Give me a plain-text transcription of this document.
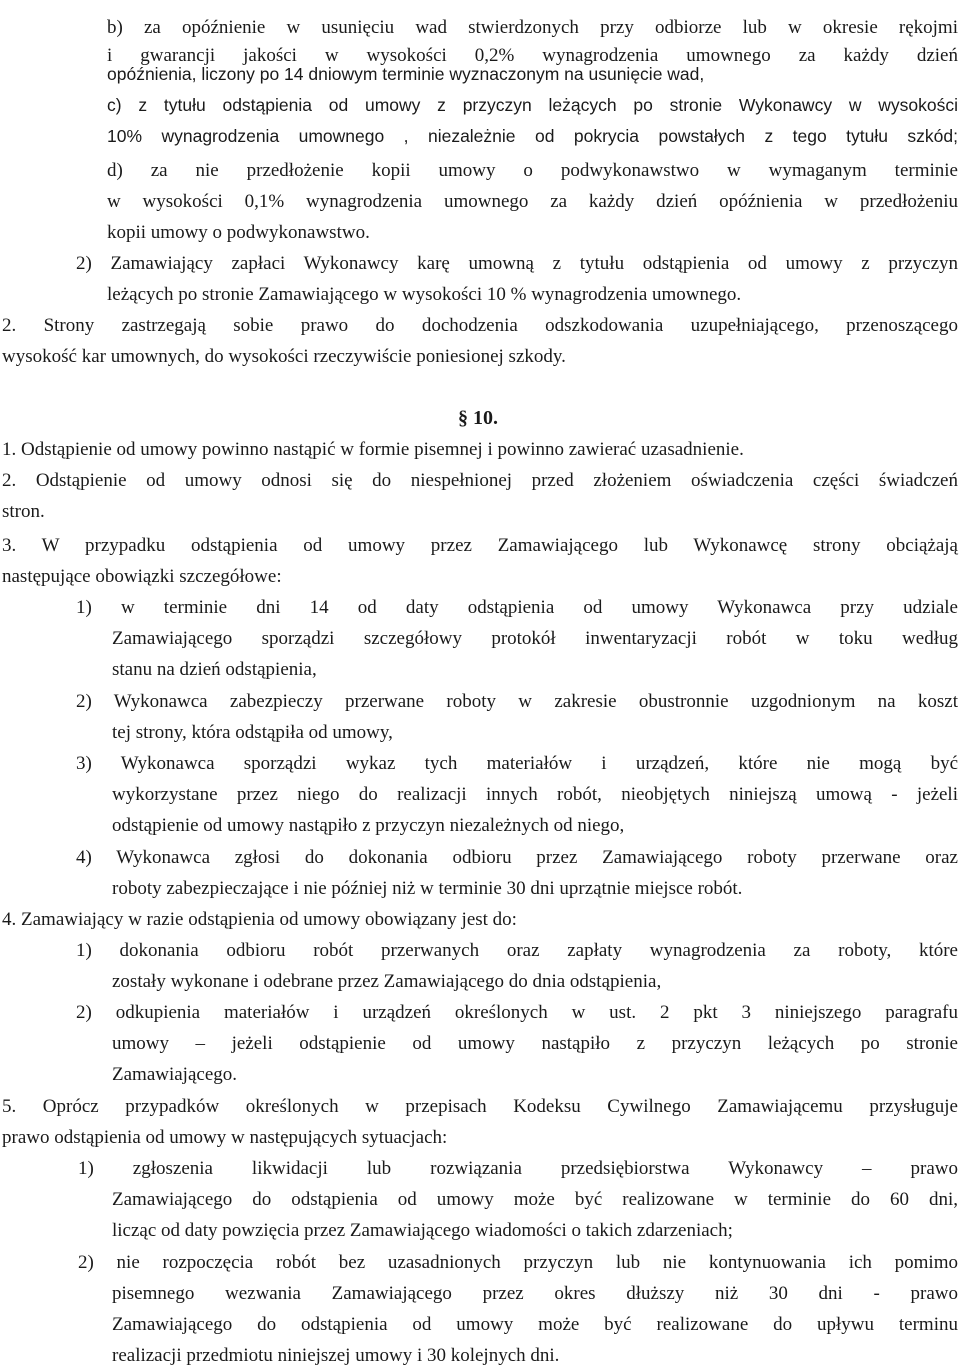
b) za opóźnienie w usunięciu wad stwierdzonych przy odbiorze lub w okresie rękojmi
i gwarancji jakości w wysokości 0,2% wynagrodzenia umownego za każdy dzień
opóźnienia, liczony po 14 dniowym terminie wyznaczonym na usunięcie wad,
c) z tytułu odstąpienia od umowy z przyczyn leżących po stronie Wykonawcy w wysokości
10% wynagrodzenia umownego , niezależnie od pokrycia powstałych z tego tytułu szkód;
d) za nie przedłożenie kopii umowy o podwykonawstwo w wymaganym terminie
w wysokości 0,1% wynagrodzenia umownego za każdy dzień opóźnienia w przedłożeniu
kopii umowy o podwykonawstwo.
2) Zamawiający zapłaci Wykonawcy karę umowną z tytułu odstąpienia od umowy z przyczyn
leżących po stronie Zamawiającego w wysokości 10 % wynagrodzenia umownego.
2. Strony zastrzegają sobie prawo do dochodzenia odszkodowania uzupełniającego, przenoszącego
wysokość kar umownych, do wysokości rzeczywiście poniesionej szkody.
§ 10.
1. Odstąpienie od umowy powinno nastąpić w formie pisemnej i powinno zawierać uzasadnienie.
2. Odstąpienie od umowy odnosi się do niespełnionej przed złożeniem oświadczenia części świadczeń
stron.
3. W przypadku odstąpienia od umowy przez Zamawiającego lub Wykonawcę strony obciążają
następujące obowiązki szczegółowe:
1) w terminie dni 14 od daty odstąpienia od umowy Wykonawca przy udziale
Zamawiającego sporządzi szczegółowy protokół inwentaryzacji robót w toku według
stanu na dzień odstąpienia,
2) Wykonawca zabezpieczy przerwane roboty w zakresie obustronnie uzgodnionym na koszt
tej strony, która odstąpiła od umowy,
3) Wykonawca sporządzi wykaz tych materiałów i urządzeń, które nie mogą być
wykorzystane przez niego do realizacji innych robót, nieobjętych niniejszą umową - jeżeli
odstąpienie od umowy nastąpiło z przyczyn niezależnych od niego,
4) Wykonawca zgłosi do dokonania odbioru przez Zamawiającego roboty przerwane oraz
roboty zabezpieczające i nie później niż w terminie 30 dni uprzątnie miejsce robót.
4. Zamawiający w razie odstąpienia od umowy obowiązany jest do:
1) dokonania odbioru robót przerwanych oraz zapłaty wynagrodzenia za roboty, które
zostały wykonane i odebrane przez Zamawiającego do dnia odstąpienia,
2) odkupienia materiałów i urządzeń określonych w ust. 2 pkt 3 niniejszego paragrafu
umowy – jeżeli odstąpienie od umowy nastąpiło z przyczyn leżących po stronie
Zamawiającego.
5. Oprócz przypadków określonych w przepisach Kodeksu Cywilnego Zamawiającemu przysługuje
prawo odstąpienia od umowy w następujących sytuacjach:
1) zgłoszenia likwidacji lub rozwiązania przedsiębiorstwa Wykonawcy – prawo
Zamawiającego do odstąpienia od umowy może być realizowane w terminie do 60 dni,
licząc od daty powzięcia przez Zamawiającego wiadomości o takich zdarzeniach;
2) nie rozpoczęcia robót bez uzasadnionych przyczyn lub nie kontynuowania ich pomimo
pisemnego wezwania Zamawiającego przez okres dłuższy niż 30 dni - prawo
Zamawiającego do odstąpienia od umowy może być realizowane do upływu terminu
realizacji przedmiotu niniejszej umowy i 30 kolejnych dni.
